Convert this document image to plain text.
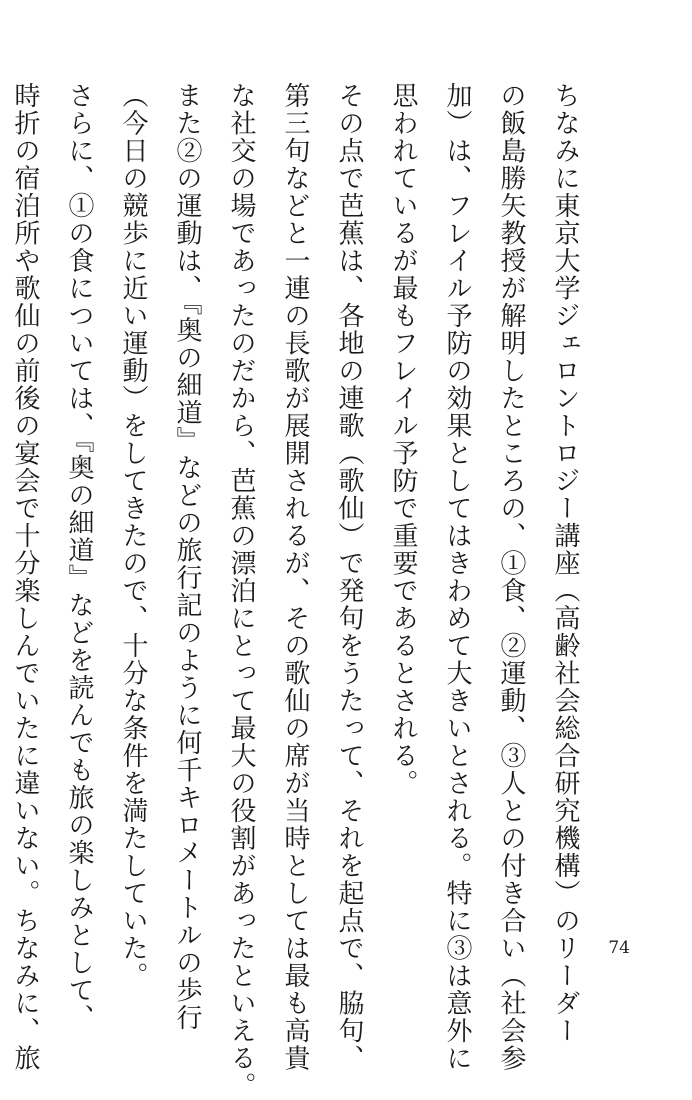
ちなみに東京大学ジェロントロジー講座（高齢社会総合研究機構）のリーダー
の飯島勝矢教授が解明したところの、①食、②運動、③人との付き合い（社会参
加）は、フレイル予防の効果としてはきわめて大きいとされる。特に③は意外に
思われているが最もフレイル予防で重要であるとされる。
その点で芭蕉は、各地の連歌（歌仙）で発句をうたって、それを起点で、脇句、
第三句などと一連の長歌が展開されるが、その歌仙の席が当時としては最も高貴
な社交の場であったのだから、芭蕉の漂泊にとって最大の役割があったといえる。
また②の運動は、『奥の細道』などの旅行記のように何千キロメートルの歩行
（今日の競歩に近い運動）をしてきたので、十分な条件を満たしていた。
さらに、①の食については、『奥の細道』などを読んでも旅の楽しみとして、
時折の宿泊所や歌仙の前後の宴会で十分楽しんでいたに違いない。ちなみに、旅	74
